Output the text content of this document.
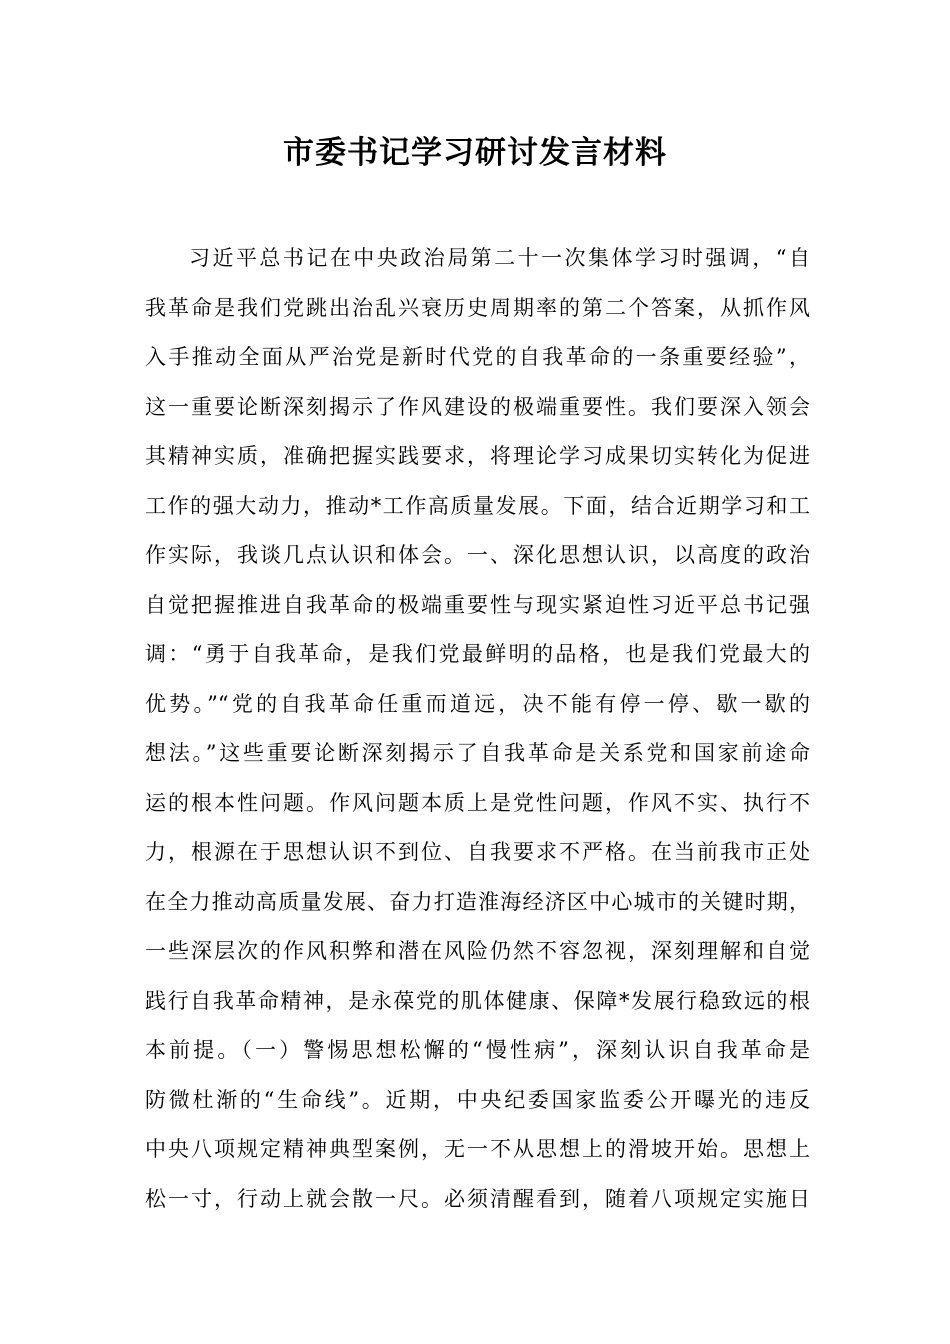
市委书记学习研讨发言材料
习近平总书记在中央政治局第二十一次集体学习时强调，“自
我革命是我们党跳出治乱兴衰历史周期率的第二个答案，从抓作风
入手推动全面从严治党是新时代党的自我革命的一条重要经验”，
这一重要论断深刻揭示了作风建设的极端重要性。我们要深入领会
其精神实质，准确把握实践要求，将理论学习成果切实转化为促进
工作的强大动力，推动*工作高质量发展。下面，结合近期学习和工
作实际，我谈几点认识和体会。一、深化思想认识，以高度的政治
自觉把握推进自我革命的极端重要性与现实紧迫性习近平总书记强
调：“勇于自我革命，是我们党最鲜明的品格，也是我们党最大的
优势。”“党的自我革命任重而道远，决不能有停一停、歇一歇的
想法。”这些重要论断深刻揭示了自我革命是关系党和国家前途命
运的根本性问题。作风问题本质上是党性问题，作风不实、执行不
力，根源在于思想认识不到位、自我要求不严格。在当前我市正处
在全力推动高质量发展、奋力打造淮海经济区中心城市的关键时期，
一些深层次的作风积弊和潜在风险仍然不容忽视，深刻理解和自觉
践行自我革命精神，是永葆党的肌体健康、保障*发展行稳致远的根
本前提。（一）警惕思想松懈的“慢性病”，深刻认识自我革命是
防微杜渐的“生命线”。近期，中央纪委国家监委公开曝光的违反
中央八项规定精神典型案例，无一不从思想上的滑坡开始。思想上
松一寸，行动上就会散一尺。必须清醒看到，随着八项规定实施日
